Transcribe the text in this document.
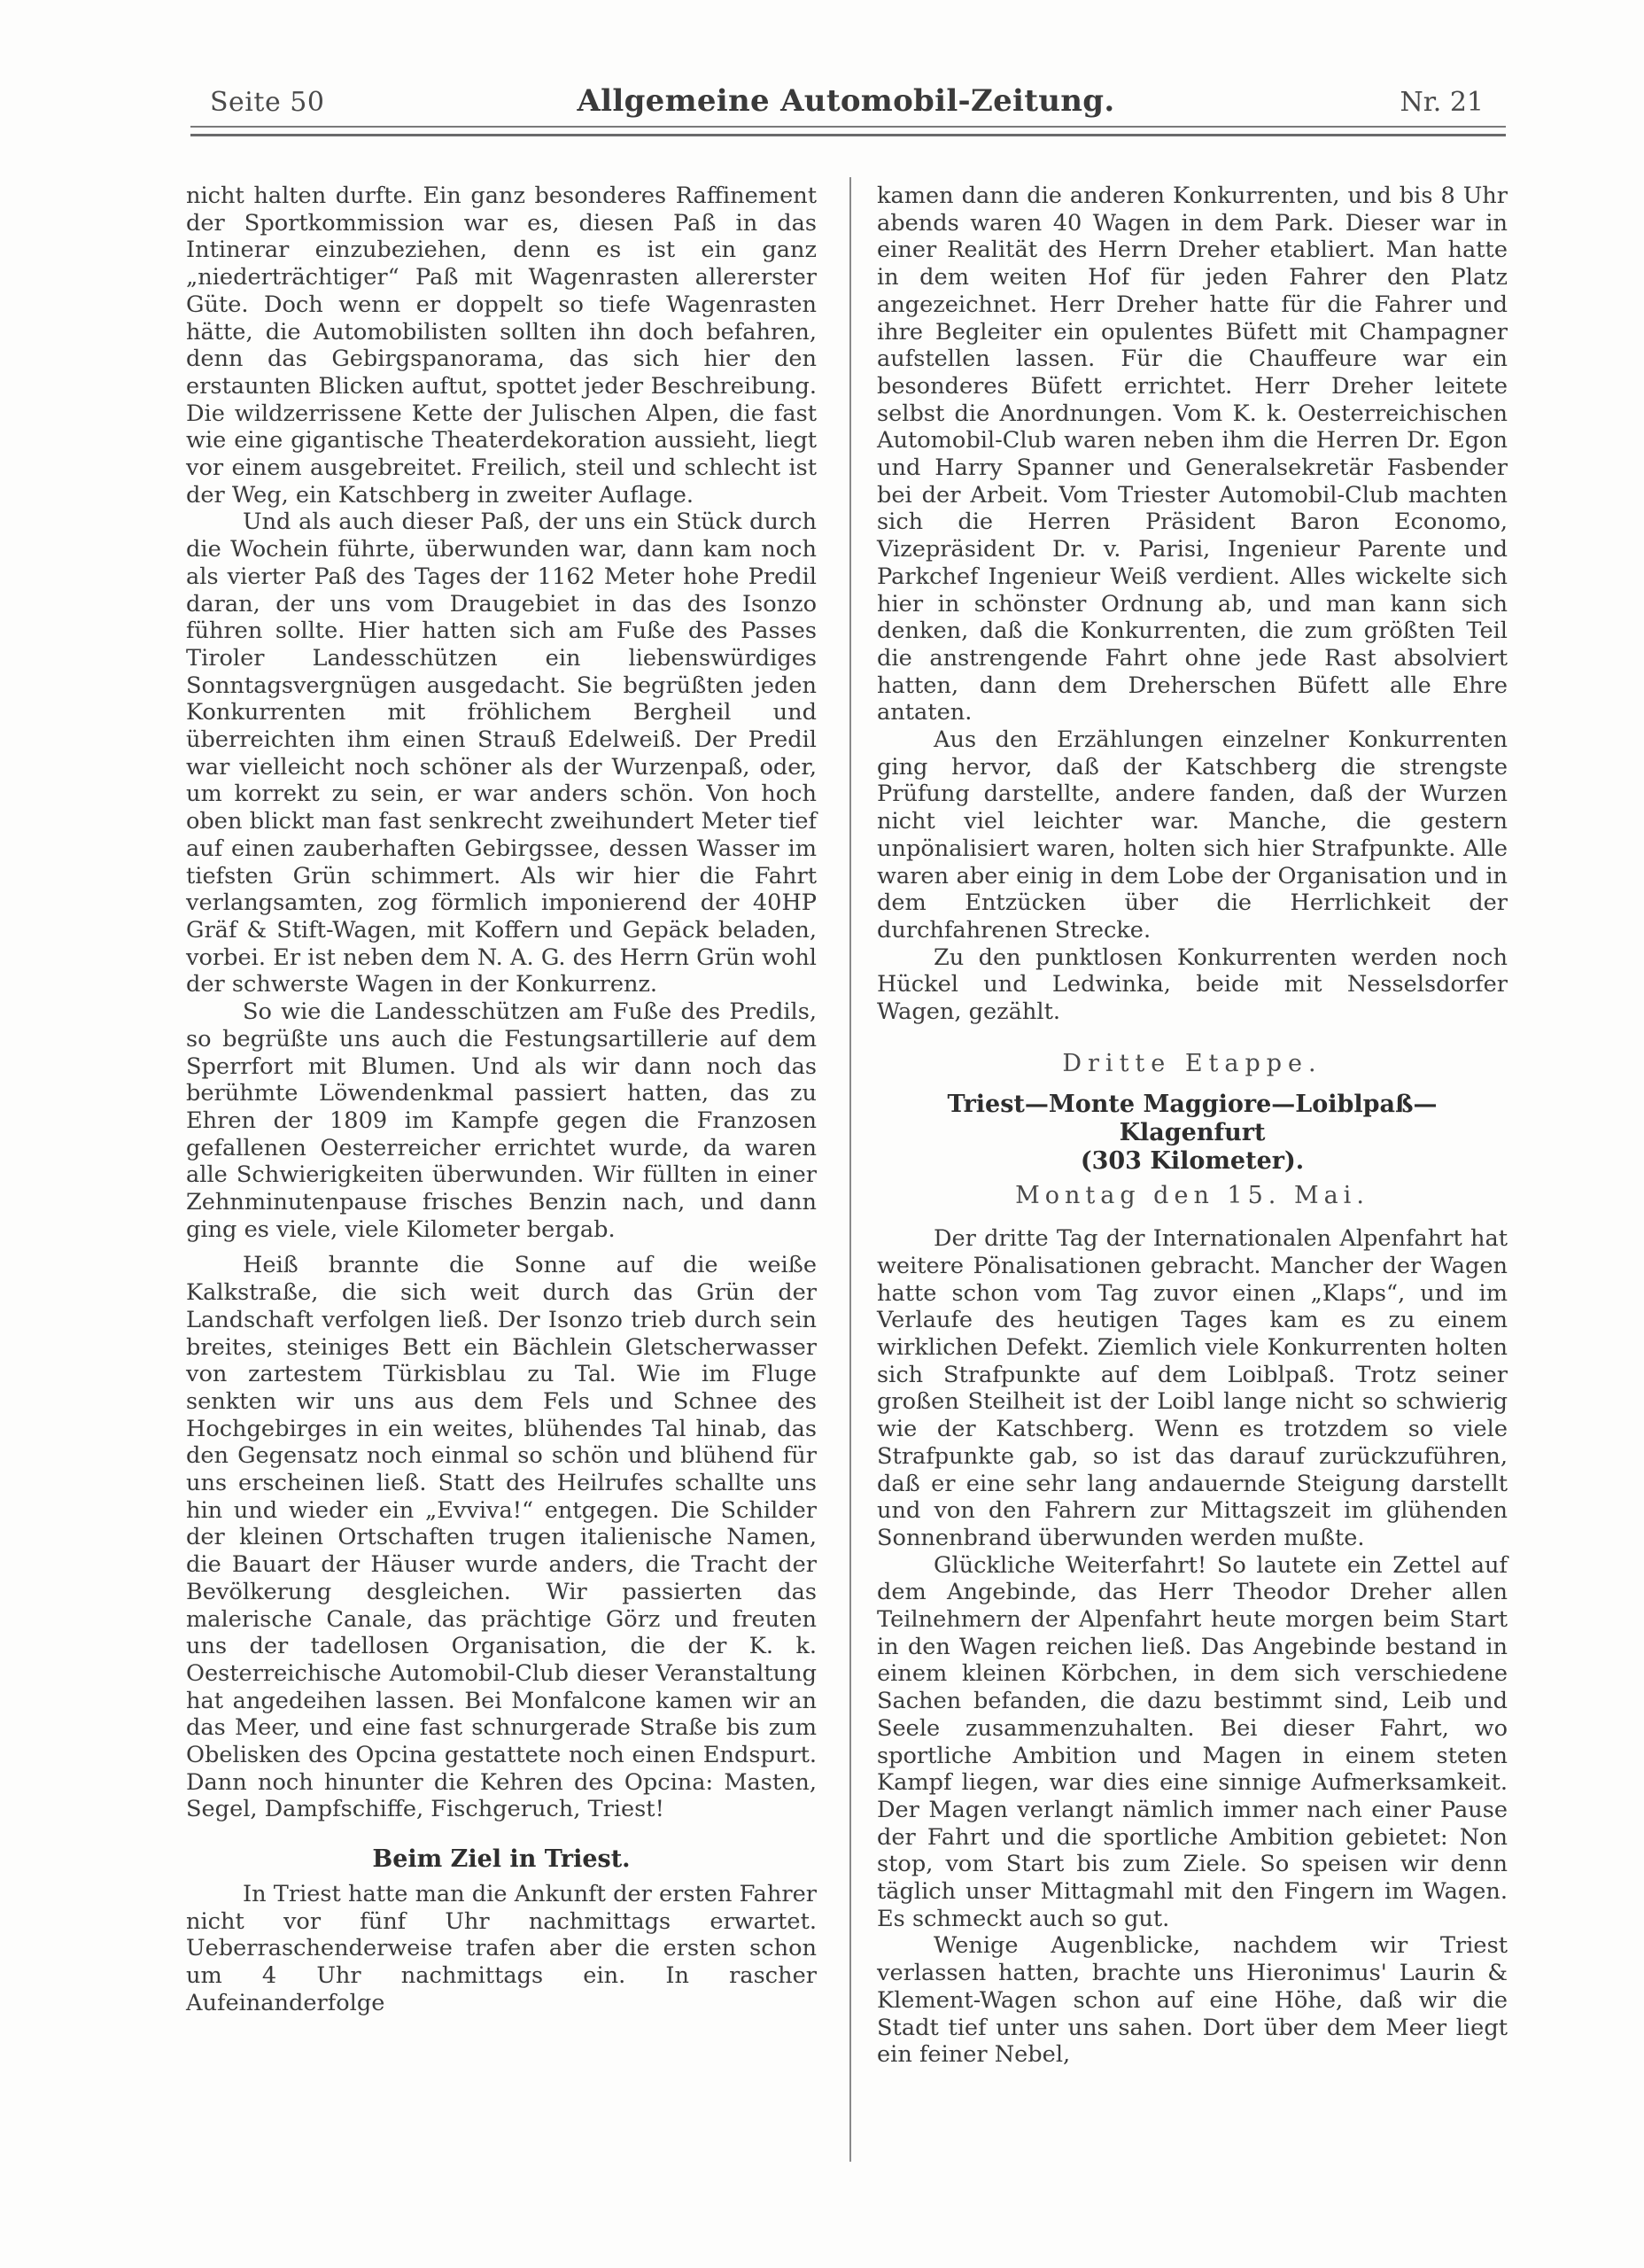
Seite 50	Allgemeine Automobil-Zeitung.	Nr. 21

nicht halten durfte. Ein ganz besonderes Raffinement der Sportkommission war es, diesen Paß in das Intinerar einzubeziehen, denn es ist ein ganz „niederträchtiger“ Paß mit Wagenrasten allererster Güte. Doch wenn er doppelt so tiefe Wagenrasten hätte, die Automobilisten sollten ihn doch befahren, denn das Gebirgspanorama, das sich hier den erstaunten Blicken auftut, spottet jeder Beschreibung. Die wildzerrissene Kette der Julischen Alpen, die fast wie eine gigantische Theaterdekoration aussieht, liegt vor einem ausgebreitet. Freilich, steil und schlecht ist der Weg, ein Katschberg in zweiter Auflage.

Und als auch dieser Paß, der uns ein Stück durch die Wochein führte, überwunden war, dann kam noch als vierter Paß des Tages der 1162 Meter hohe Predil daran, der uns vom Draugebiet in das des Isonzo führen sollte. Hier hatten sich am Fuße des Passes Tiroler Landesschützen ein liebenswürdiges Sonntagsvergnügen ausgedacht. Sie begrüßten jeden Konkurrenten mit fröhlichem Bergheil und überreichten ihm einen Strauß Edelweiß. Der Predil war vielleicht noch schöner als der Wurzenpaß, oder, um korrekt zu sein, er war anders schön. Von hoch oben blickt man fast senkrecht zweihundert Meter tief auf einen zauberhaften Gebirgssee, dessen Wasser im tiefsten Grün schimmert. Als wir hier die Fahrt verlangsamten, zog förmlich imponierend der 40HP Gräf & Stift-Wagen, mit Koffern und Gepäck beladen, vorbei. Er ist neben dem N. A. G. des Herrn Grün wohl der schwerste Wagen in der Konkurrenz.

So wie die Landesschützen am Fuße des Predils, so begrüßte uns auch die Festungsartillerie auf dem Sperrfort mit Blumen. Und als wir dann noch das berühmte Löwendenkmal passiert hatten, das zu Ehren der 1809 im Kampfe gegen die Franzosen gefallenen Oesterreicher errichtet wurde, da waren alle Schwierigkeiten überwunden. Wir füllten in einer Zehnminutenpause frisches Benzin nach, und dann ging es viele, viele Kilometer bergab.

Heiß brannte die Sonne auf die weiße Kalkstraße, die sich weit durch das Grün der Landschaft verfolgen ließ. Der Isonzo trieb durch sein breites, steiniges Bett ein Bächlein Gletscherwasser von zartestem Türkisblau zu Tal. Wie im Fluge senkten wir uns aus dem Fels und Schnee des Hochgebirges in ein weites, blühendes Tal hinab, das den Gegensatz noch einmal so schön und blühend für uns erscheinen ließ. Statt des Heilrufes schallte uns hin und wieder ein „Evviva!“ entgegen. Die Schilder der kleinen Ortschaften trugen italienische Namen, die Bauart der Häuser wurde anders, die Tracht der Bevölkerung desgleichen. Wir passierten das malerische Canale, das prächtige Görz und freuten uns der tadellosen Organisation, die der K. k. Oesterreichische Automobil-Club dieser Veranstaltung hat angedeihen lassen. Bei Monfalcone kamen wir an das Meer, und eine fast schnurgerade Straße bis zum Obelisken des Opcina gestattete noch einen Endspurt. Dann noch hinunter die Kehren des Opcina: Masten, Segel, Dampfschiffe, Fischgeruch, Triest!

Beim Ziel in Triest.

In Triest hatte man die Ankunft der ersten Fahrer nicht vor fünf Uhr nachmittags erwartet. Ueberraschenderweise trafen aber die ersten schon um 4 Uhr nachmittags ein. In rascher Aufeinanderfolge

kamen dann die anderen Konkurrenten, und bis 8 Uhr abends waren 40 Wagen in dem Park. Dieser war in einer Realität des Herrn Dreher etabliert. Man hatte in dem weiten Hof für jeden Fahrer den Platz angezeichnet. Herr Dreher hatte für die Fahrer und ihre Begleiter ein opulentes Büfett mit Champagner aufstellen lassen. Für die Chauffeure war ein besonderes Büfett errichtet. Herr Dreher leitete selbst die Anordnungen. Vom K. k. Oesterreichischen Automobil-Club waren neben ihm die Herren Dr. Egon und Harry Spanner und Generalsekretär Fasbender bei der Arbeit. Vom Triester Automobil-Club machten sich die Herren Präsident Baron Economo, Vizepräsident Dr. v. Parisi, Ingenieur Parente und Parkchef Ingenieur Weiß verdient. Alles wickelte sich hier in schönster Ordnung ab, und man kann sich denken, daß die Konkurrenten, die zum größten Teil die anstrengende Fahrt ohne jede Rast absolviert hatten, dann dem Dreherschen Büfett alle Ehre antaten.

Aus den Erzählungen einzelner Konkurrenten ging hervor, daß der Katschberg die strengste Prüfung darstellte, andere fanden, daß der Wurzen nicht viel leichter war. Manche, die gestern unpönalisiert waren, holten sich hier Strafpunkte. Alle waren aber einig in dem Lobe der Organisation und in dem Entzücken über die Herrlichkeit der durchfahrenen Strecke.

Zu den punktlosen Konkurrenten werden noch Hückel und Ledwinka, beide mit Nesselsdorfer Wagen, gezählt.

Dritte Etappe.
Triest—Monte Maggiore—Loiblpaß—Klagenfurt
(303 Kilometer).
Montag den 15. Mai.

Der dritte Tag der Internationalen Alpenfahrt hat weitere Pönalisationen gebracht. Mancher der Wagen hatte schon vom Tag zuvor einen „Klaps“, und im Verlaufe des heutigen Tages kam es zu einem wirklichen Defekt. Ziemlich viele Konkurrenten holten sich Strafpunkte auf dem Loiblpaß. Trotz seiner großen Steilheit ist der Loibl lange nicht so schwierig wie der Katschberg. Wenn es trotzdem so viele Strafpunkte gab, so ist das darauf zurückzuführen, daß er eine sehr lang andauernde Steigung darstellt und von den Fahrern zur Mittagszeit im glühenden Sonnenbrand überwunden werden mußte.

Glückliche Weiterfahrt! So lautete ein Zettel auf dem Angebinde, das Herr Theodor Dreher allen Teilnehmern der Alpenfahrt heute morgen beim Start in den Wagen reichen ließ. Das Angebinde bestand in einem kleinen Körbchen, in dem sich verschiedene Sachen befanden, die dazu bestimmt sind, Leib und Seele zusammenzuhalten. Bei dieser Fahrt, wo sportliche Ambition und Magen in einem steten Kampf liegen, war dies eine sinnige Aufmerksamkeit. Der Magen verlangt nämlich immer nach einer Pause der Fahrt und die sportliche Ambition gebietet: Non stop, vom Start bis zum Ziele. So speisen wir denn täglich unser Mittagmahl mit den Fingern im Wagen. Es schmeckt auch so gut.

Wenige Augenblicke, nachdem wir Triest verlassen hatten, brachte uns Hieronimus' Laurin & Klement-Wagen schon auf eine Höhe, daß wir die Stadt tief unter uns sahen. Dort über dem Meer liegt ein feiner Nebel,
